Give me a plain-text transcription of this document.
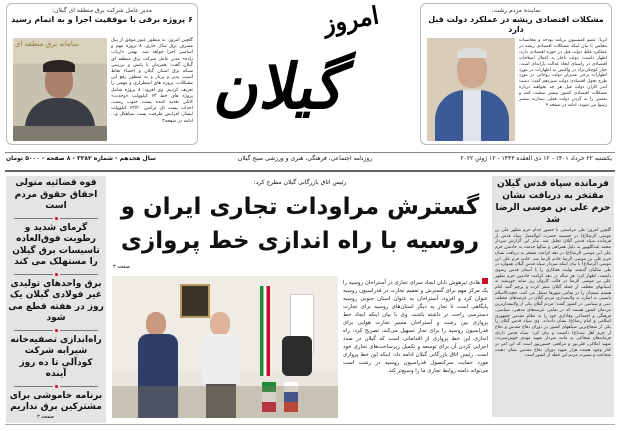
مدیر عامل شرکت برق منطقه ای گیلان:
۶ پروژه برقی با موفقیت اجرا و به اتمام رسید
سامانه برق منطقه ای	گلچین امروز: به منظور عبور موفق از پیک مصرف برق سال جاری، ۸ پروژه مهم و اساسی اجرا خواهد شد. بهمن «ارباب زاده» مدیر عامل شرکت برق منطقه ای گیلان گفت: همزمان با پایش و بررسی شبکه برق استان گیلان و احصاء نقاط آسیب پذیر و پربار و به منظور رفع این مشکلات، پروژه های اضطراری و مهمی را تعریف کردیم. وی افزود: ۸ پروژه شامل پروژه های خط ۶۳ کیلوولت «وحدت» کابلی تغذیه کننده پست جنوب رشت، احداث پست تک ترانس ۶۳/۲۰ کیلوولت لیسار، افزایش ظرفیت پست سیاهکل و... ادامه در صفحه۳
امروز
گیلان
نماینده مردم رشت:
مشکلات اقتصادی ریشه در عملکرد دولت قبل دارد
ایرنا: عضو کمیسیون برنامه بودجه و محاسبات مجلس با بیان اینکه مشکلات اقتصادی ریشه در عملکرد غلط دولت قبل در حوزه اقتصادی دارد، اظهار داشت: دولت ناچار به اعمال اصلاحات اقتصادی در راستای ایجاد عدالت یارانه‌ای است. جبار کوچکی‌نژاد در واکنش به اظهارات در مورد اظهارات برخی مدیران دولت روحانی در مورد طرح تحول اقتصادی دولت سیزدهم گفت: دست اندر کاران دولت قبل هر چه بخواهند درباره مشکلات اقتصادی کشور بیشتر صحبت کنند و تقصیر را به گردن دولت فعلی بیندازند بیشتر رسوا می شوند. ادامه در صفحه ۳
یکشنبه ۲۲ خرداد ۱۴۰۱ - ۱۲ ذی العقده ۱۴۴۳ - ۱۲ ژوئن ۲۰۲۲
روزنامه اجتماعی، فرهنگی، هنری و ورزشی صبح گیلان
سال هجدهم - شماره ۳۲۸۲ - ۸ صفحه - ۵۰۰۰ تومان
قوه قضائیه متولی احقاق حقوق مردم است
گرمای شدید و رطوبت فوق‌العاده تاسیسات برق گیلان را مستهلک می کند
برق واحدهای تولیدی غیر فولادی گیلان یک روز در هفته قطع می شود
راه‌اندازی تصفیه‌خانه شیرابه شرکت کودآلی تا ده روز آینده
برنامه خاموشی برای مشترکین برق نداریم
صفحه ۳
رئیس اتاق بازرگانی گیلان مطرح کرد:
گسترش مراودات تجاری ایران و
روسیه با راه اندازی خط پروازی
صفحه ۳
هادی تیزهوش تابان ایجاد سرای تجاری در آستراخان روسیه را یک مرکز مهم برای گسترش و تعمیم تجارت در فدراسیون روسیه عنوان کرد و افزود: آستراخان به عنوان استان جنوبی روسیه پایگاهی است تا تجار به دیگر استان‌های روسیه برای تجارت دسترسی راحت تر داشته باشند. وی با بیان اینکه ایجاد خط پروازی بین رشت و آستراخان مسیر تجارت هوایی برای فدراسیون روسیه را برای تجار تسهیل می‌کند، تصریح کرد: راه اندازی این خط پروازی از اقداماتی است که گیلان در صدد اجرایی کردن آن برای توسعه و تکمیل زیرساخت‌های تجاری خود است. رئیس اتاق بازرگانی گیلان ادامه داد: اینکه این خط پروازی مورد حمایت سرکنسول فدراسیون روسیه در رشت است می‌تواند دامنه روابط تجاری ما را وسیع‌تر کند.
فرمانده سپاه قدس گیلان مفتخر به دریافت نشان حرم علی بن موسی الرضا شد
گلچین امروز: طی مراسمی با حضور خدام حرم مطهر علی بن موسی الرضا(ع) در حسینیه حضرت ابوالفضل سپاه قدس از فرمانده سپاه قدس گیلان تجلیل شد. بنابر این گزارش سردار محمد عبداللهپور به دلیل همراهی و سالها خدمت به خادمین حرم علی ابن موسی الرضا(ع) در دهه کرامت مفتخر به دریافت نشان حرم علی بن موسی الرضا خادم الرضا شد. خادم حرم علی ابن موسی الرضا(ع) با بیان اینکه سردار سپاه قدس گیلان همواره در طی سالیان گذشته نهایت همکاری را با آستان قدس رضوی داشتند، اظهار کرد: هر ساله در دهه کرامت خادمین حرم مطهر علی بن موسی الرضا در قالب کاروان زیر سایه خورشید به استانهای مختلف از جمله گیلان سفر کرده و پرچم گنبد امام هشتم شیعیان را در تمامی شهرها منتقل می کنند. حجت‌الاسلام یاسینی به اشاره به ولایتمداری مردم گیلان در عرصه‌های مختلف دینی و سیاسی در کشور گفت: مردم گیلان یکی از ولایتمدارترین مردمان کشور هستند که در تمامی عرصه‌های مذهبی، سیاسی، فرهنگی و اجتماعی وفاداری خود را به نظام مقدس جمهوری اسلامی و امام رضا(ع) نشان داده‌اند. وی سپاه قدس گیلان را یکی از شجاع‌ترین سپاههای کشور در دوران دفاع مقدس و دفاع از حرم اهل بیت(ع) دانست و بیان کرد: سپاه قدس دارای فرماندهان شجاعی به مانند سردار شهید مهدی خوش‌سیرت، شهید املاکی، قلی‌پور و مرافعی حسین‌پور است که این امر در کنار وجود هشت هزار شهید دوران دفاع مقدس نشان دهنده شجاعت و بصیرت مردم این خطه از کشور است.
